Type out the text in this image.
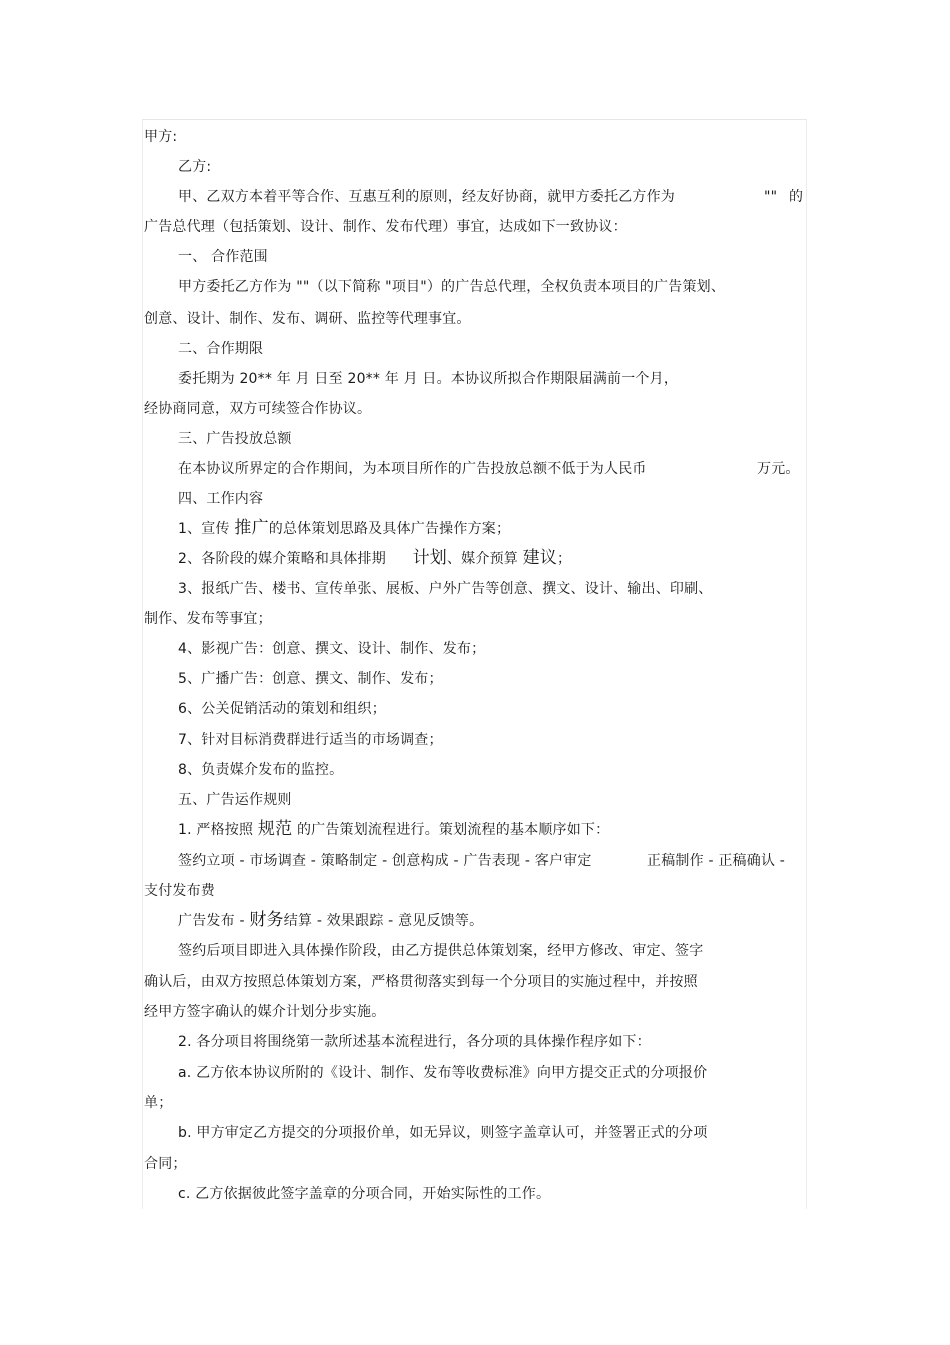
甲方:
乙方:
甲、乙双方本着平等合作、互惠互利的原则，经友好协商，就甲方委托乙方作为	"" 的
广告总代理（包括策划、设计、制作、发布代理）事宜，达成如下一致协议：
一、 合作范围
甲方委托乙方作为 ""（以下简称 "项目"）的广告总代理，全权负责本项目的广告策划、
创意、设计、制作、发布、调研、监控等代理事宜。
二、合作期限
委托期为 20** 年 月 日至 20** 年 月 日。本协议所拟合作期限届满前一个月，
经协商同意，双方可续签合作协议。
三、广告投放总额
在本协议所界定的合作期间，为本项目所作的广告投放总额不低于为人民币	万元。
四、工作内容
1、宣传 推广的总体策划思路及具体广告操作方案；
2、各阶段的媒介策略和具体排期 计划、媒介预算 建议；
3、报纸广告、楼书、宣传单张、展板、户外广告等创意、撰文、设计、输出、印刷、
制作、发布等事宜；
4、影视广告：创意、撰文、设计、制作、发布；
5、广播广告：创意、撰文、制作、发布；
6、公关促销活动的策划和组织；
7、针对目标消费群进行适当的市场调查；
8、负责媒介发布的监控。
五、广告运作规则
1. 严格按照 规范 的广告策划流程进行。策划流程的基本顺序如下：
签约立项 - 市场调查 - 策略制定 - 创意构成 - 广告表现 - 客户审定	正稿制作 - 正稿确认 -
支付发布费
广告发布 - 财务结算 - 效果跟踪 - 意见反馈等。
签约后项目即进入具体操作阶段，由乙方提供总体策划案，经甲方修改、审定、签字
确认后，由双方按照总体策划方案，严格贯彻落实到每一个分项目的实施过程中，并按照
经甲方签字确认的媒介计划分步实施。
2. 各分项目将围绕第一款所述基本流程进行，各分项的具体操作程序如下：
a. 乙方依本协议所附的《设计、制作、发布等收费标准》向甲方提交正式的分项报价
单；
b. 甲方审定乙方提交的分项报价单，如无异议，则签字盖章认可，并签署正式的分项
合同；
c. 乙方依据彼此签字盖章的分项合同，开始实际性的工作。
